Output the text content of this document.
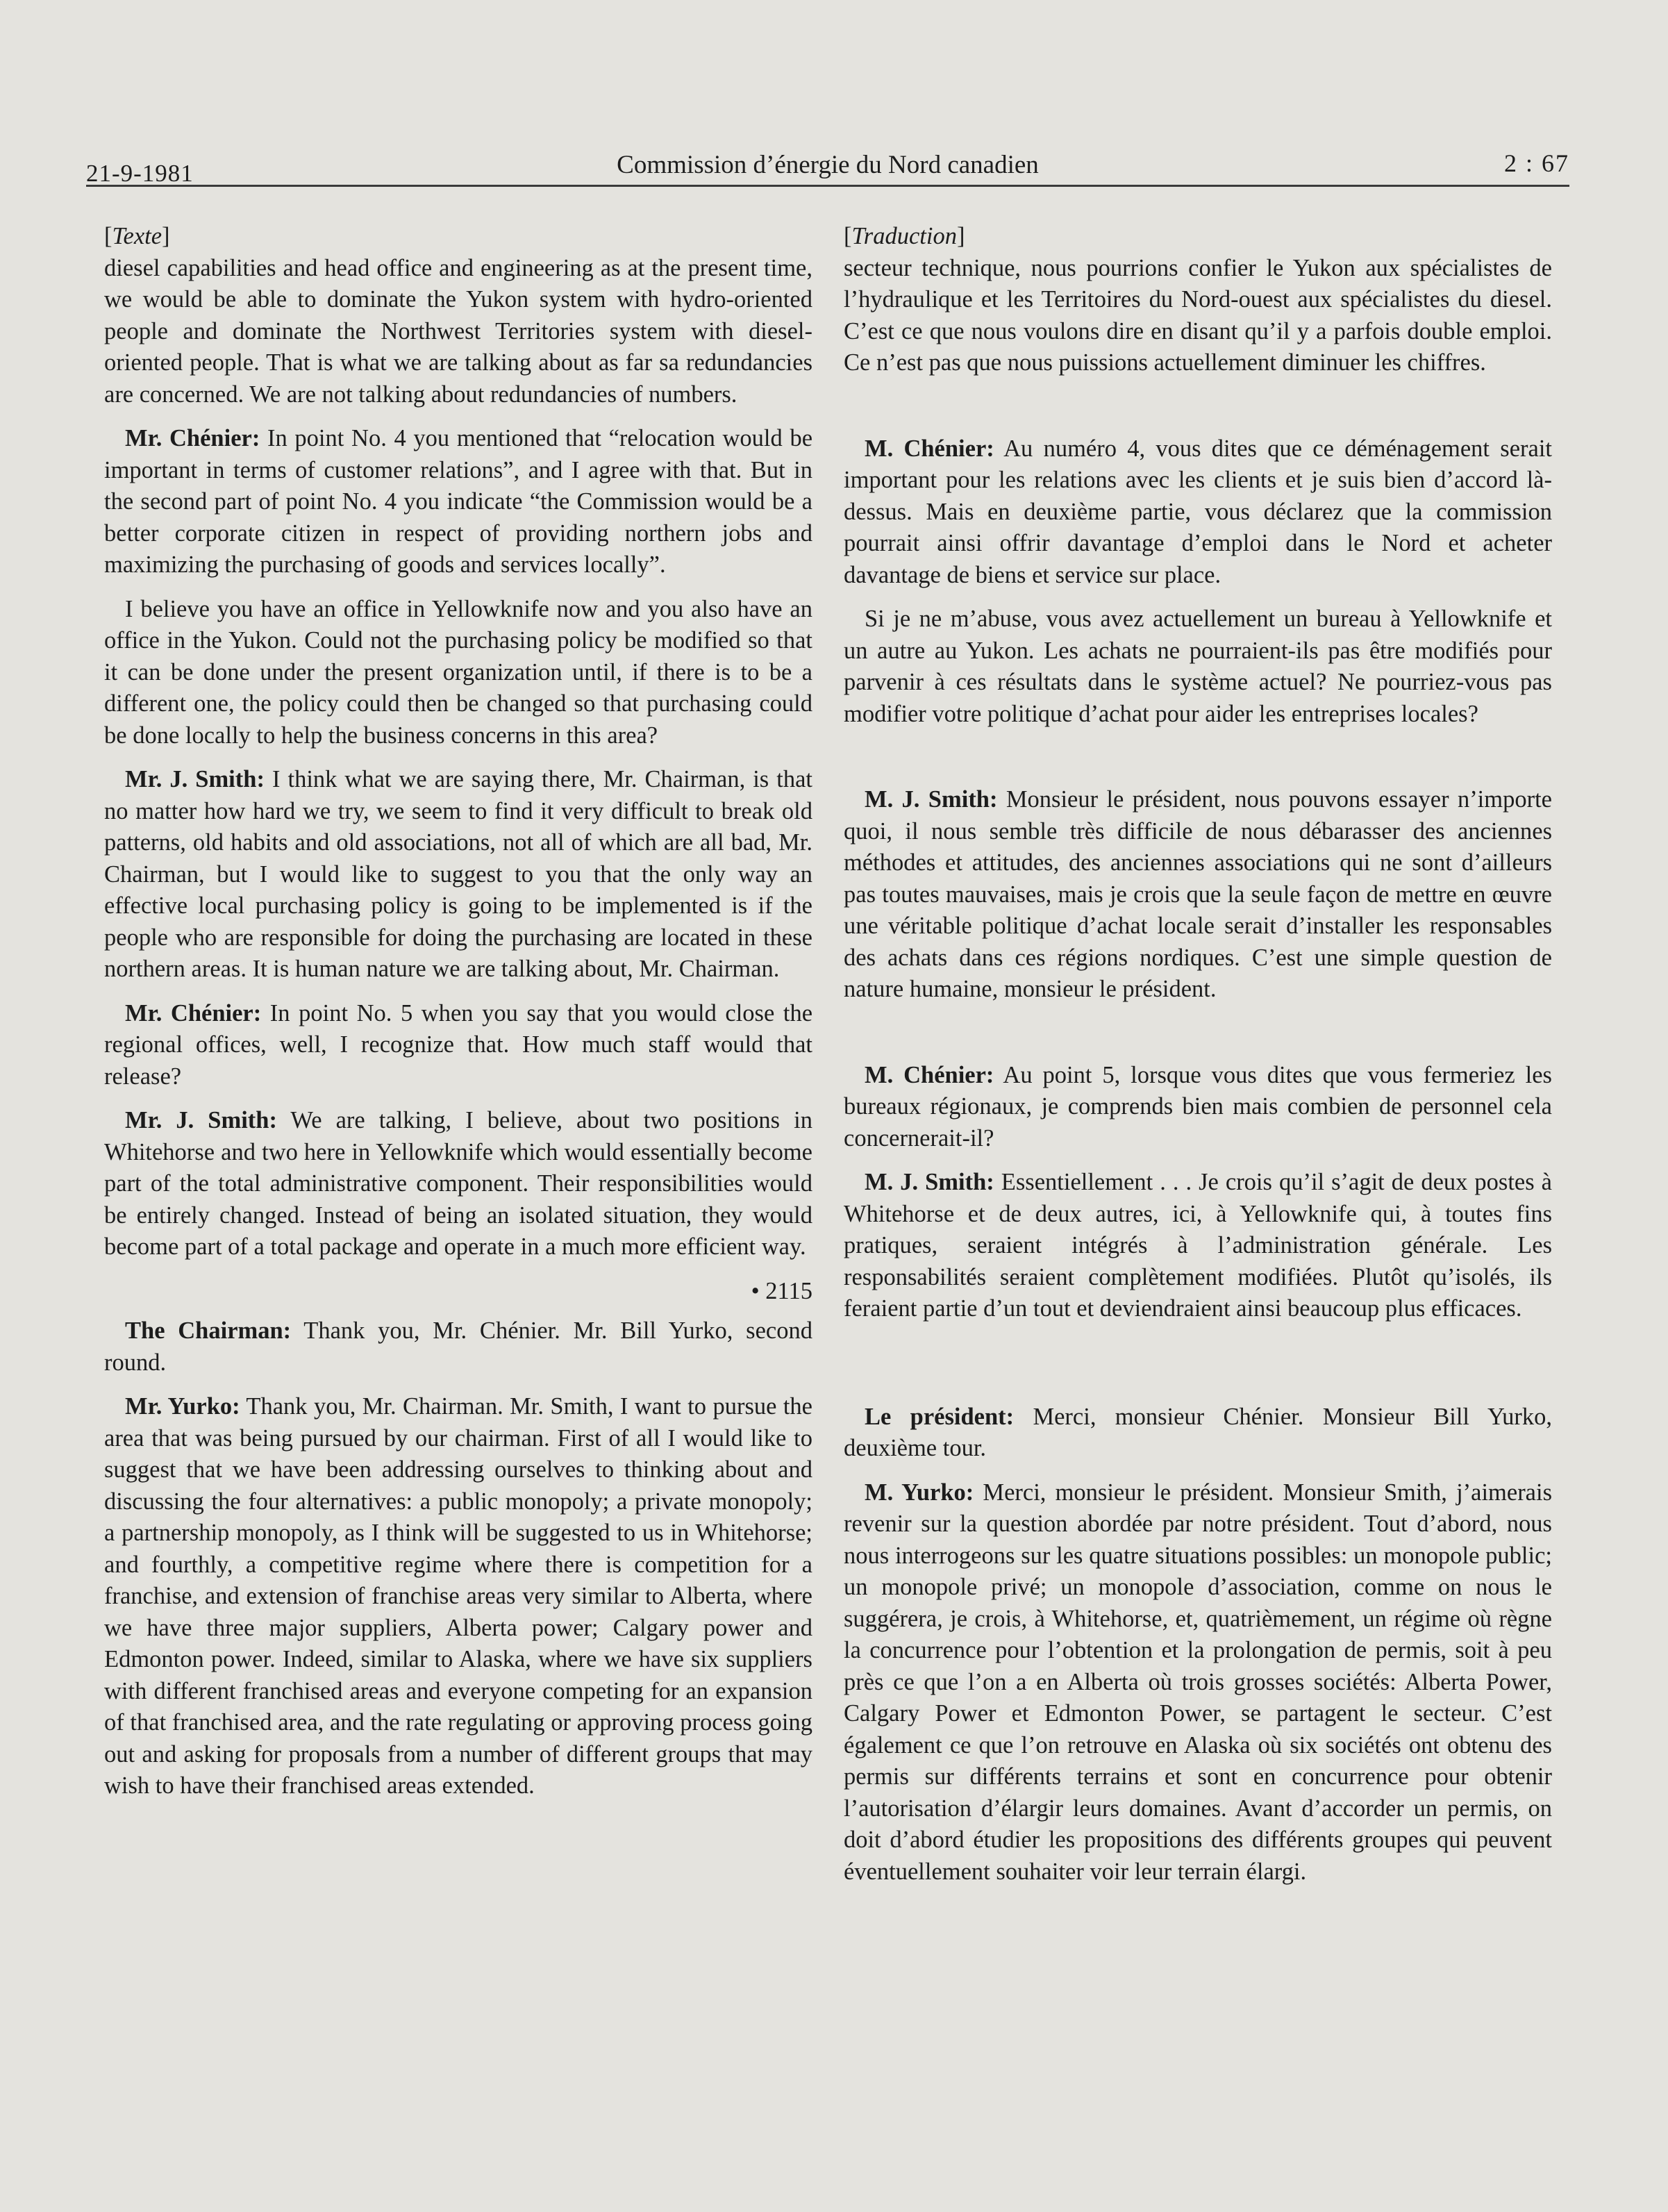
21-9-1981	Commission d’énergie du Nord canadien	2 : 67

[Texte]

diesel capabilities and head office and engineering as at the present time, we would be able to dominate the Yukon system with hydro-oriented people and dominate the Northwest Territories system with diesel-oriented people. That is what we are talking about as far sa redundancies are concerned. We are not talking about redundancies of numbers.

Mr. Chénier: In point No. 4 you mentioned that “relocation would be important in terms of customer relations”, and I agree with that. But in the second part of point No. 4 you indicate “the Commission would be a better corporate citizen in respect of providing northern jobs and maximizing the purchasing of goods and services locally”.

I believe you have an office in Yellowknife now and you also have an office in the Yukon. Could not the purchasing policy be modified so that it can be done under the present organization until, if there is to be a different one, the policy could then be changed so that purchasing could be done locally to help the business concerns in this area?

Mr. J. Smith: I think what we are saying there, Mr. Chairman, is that no matter how hard we try, we seem to find it very difficult to break old patterns, old habits and old associations, not all of which are all bad, Mr. Chairman, but I would like to suggest to you that the only way an effective local purchasing policy is going to be implemented is if the people who are responsible for doing the purchasing are located in these northern areas. It is human nature we are talking about, Mr. Chairman.

Mr. Chénier: In point No. 5 when you say that you would close the regional offices, well, I recognize that. How much staff would that release?

Mr. J. Smith: We are talking, I believe, about two positions in Whitehorse and two here in Yellowknife which would essentially become part of the total administrative component. Their responsibilities would be entirely changed. Instead of being an isolated situation, they would become part of a total package and operate in a much more efficient way.

• 2115

The Chairman: Thank you, Mr. Chénier. Mr. Bill Yurko, second round.

Mr. Yurko: Thank you, Mr. Chairman. Mr. Smith, I want to pursue the area that was being pursued by our chairman. First of all I would like to suggest that we have been addressing ourselves to thinking about and discussing the four alternatives: a public monopoly; a private monopoly; a partnership monopoly, as I think will be suggested to us in Whitehorse; and fourthly, a competitive regime where there is competition for a franchise, and extension of franchise areas very similar to Alberta, where we have three major suppliers, Alberta power; Calgary power and Edmonton power. Indeed, similar to Alaska, where we have six suppliers with different franchised areas and everyone competing for an expansion of that franchised area, and the rate regulating or approving process going out and asking for proposals from a number of different groups that may wish to have their franchised areas extended.

[Traduction]

secteur technique, nous pourrions confier le Yukon aux spécialistes de l’hydraulique et les Territoires du Nord-ouest aux spécialistes du diesel. C’est ce que nous voulons dire en disant qu’il y a parfois double emploi. Ce n’est pas que nous puissions actuellement diminuer les chiffres.

M. Chénier: Au numéro 4, vous dites que ce déménagement serait important pour les relations avec les clients et je suis bien d’accord là-dessus. Mais en deuxième partie, vous déclarez que la commission pourrait ainsi offrir davantage d’emploi dans le Nord et acheter davantage de biens et service sur place.

Si je ne m’abuse, vous avez actuellement un bureau à Yellowknife et un autre au Yukon. Les achats ne pourraient-ils pas être modifiés pour parvenir à ces résultats dans le système actuel? Ne pourriez-vous pas modifier votre politique d’achat pour aider les entreprises locales?

M. J. Smith: Monsieur le président, nous pouvons essayer n’importe quoi, il nous semble très difficile de nous débarasser des anciennes méthodes et attitudes, des anciennes associations qui ne sont d’ailleurs pas toutes mauvaises, mais je crois que la seule façon de mettre en œuvre une véritable politique d’achat locale serait d’installer les responsables des achats dans ces régions nordiques. C’est une simple question de nature humaine, monsieur le président.

M. Chénier: Au point 5, lorsque vous dites que vous fermeriez les bureaux régionaux, je comprends bien mais combien de personnel cela concernerait-il?

M. J. Smith: Essentiellement . . . Je crois qu’il s’agit de deux postes à Whitehorse et de deux autres, ici, à Yellowknife qui, à toutes fins pratiques, seraient intégrés à l’administration générale. Les responsabilités seraient complètement modifiées. Plutôt qu’isolés, ils feraient partie d’un tout et deviendraient ainsi beaucoup plus efficaces.

Le président: Merci, monsieur Chénier. Monsieur Bill Yurko, deuxième tour.

M. Yurko: Merci, monsieur le président. Monsieur Smith, j’aimerais revenir sur la question abordée par notre président. Tout d’abord, nous nous interrogeons sur les quatre situations possibles: un monopole public; un monopole privé; un monopole d’association, comme on nous le suggérera, je crois, à Whitehorse, et, quatrièmement, un régime où règne la concurrence pour l’obtention et la prolongation de permis, soit à peu près ce que l’on a en Alberta où trois grosses sociétés: Alberta Power, Calgary Power et Edmonton Power, se partagent le secteur. C’est également ce que l’on retrouve en Alaska où six sociétés ont obtenu des permis sur différents terrains et sont en concurrence pour obtenir l’autorisation d’élargir leurs domaines. Avant d’accorder un permis, on doit d’abord étudier les propositions des différents groupes qui peuvent éventuellement souhaiter voir leur terrain élargi.
